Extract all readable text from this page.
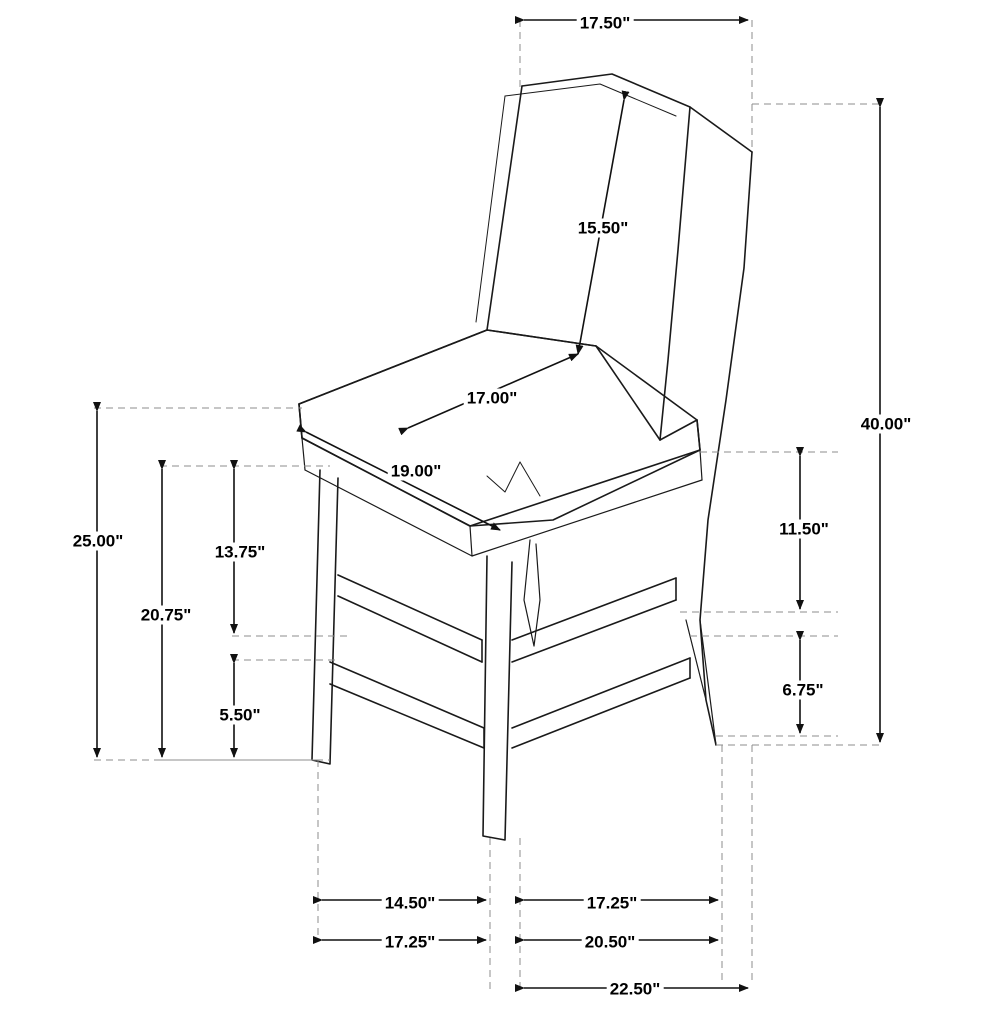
17.50"
15.50"
17.00"
19.00"
40.00"
25.00"
13.75"
20.75"
5.50"
11.50"
6.75"
14.50"	17.25"
17.25"	20.50"
22.50"
